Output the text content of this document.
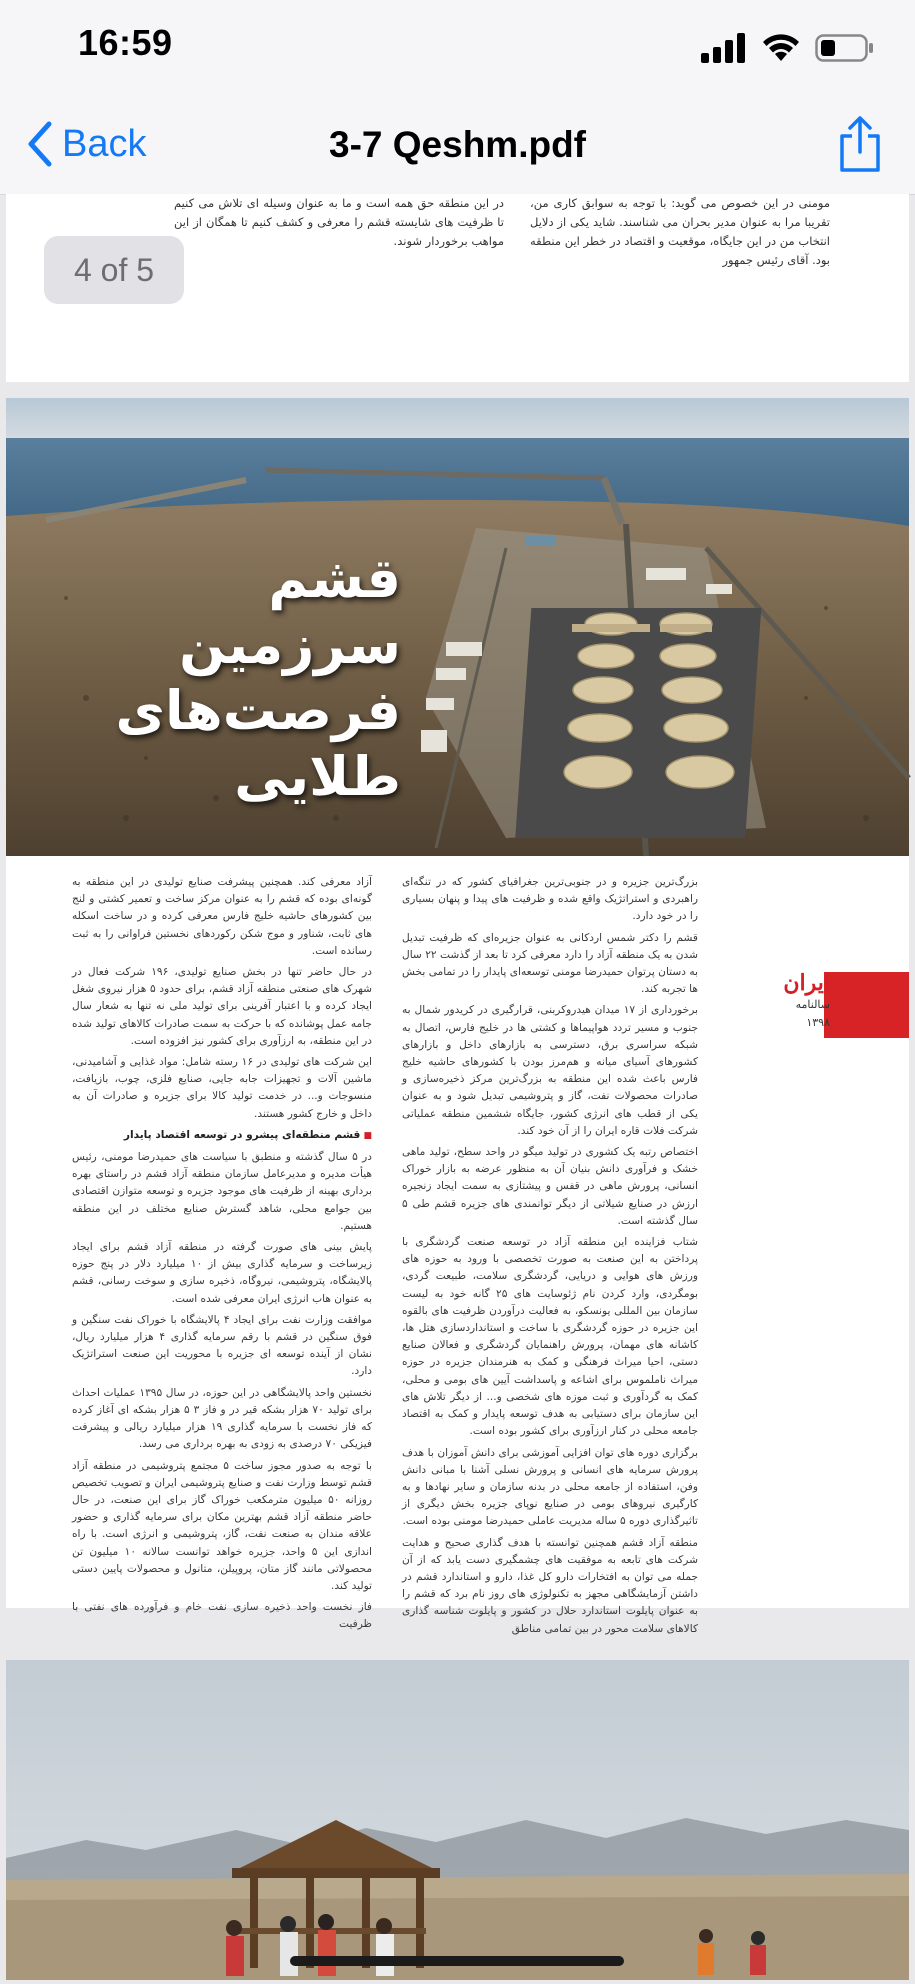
16:59
Back	3-7 Qeshm.pdf
مومنی در این خصوص می گوید: با توجه به سوابق کاری من، تقریبا مرا به عنوان مدیر بحران می شناسند. شاید یکی از دلایل انتخاب من در این جایگاه، موقعیت و اقتصاد در خطر این منطقه بود. آقای رئیس جمهور
در این منطقه حق همه است و ما به عنوان وسیله ای تلاش می کنیم تا ظرفیت های شایسته قشم را معرفی و کشف کنیم تا همگان از این مواهب برخوردار شوند.
4 of 5
قشم
سرزمین
فرصت‌های
طلایی
ایران
سالنامه
۱۳۹۸

بزرگ‌ترین جزیره و در جنوبی‌ترین جغرافیای کشور که در تنگه‌ای راهبردی و استراتژیک واقع شده و ظرفیت های پیدا و پنهان بسیاری را در خود دارد.

قشم را دکتر شمس اردکانی به عنوان جزیره‌ای که ظرفیت تبدیل شدن به یک منطقه آزاد را دارد معرفی کرد تا بعد از گذشت ۲۲ سال به دستان پرتوان حمیدرضا مومنی توسعه‌ای پایدار را در تمامی بخش ها تجربه کند.

برخورداری از ۱۷ میدان هیدروکربنی، قرارگیری در کریدور شمال به جنوب و مسیر تردد هواپیماها و کشتی ها در خلیج فارس، اتصال به شبکه سراسری برق، دسترسی به بازارهای داخل و بازارهای کشورهای آسیای میانه و هم‌مرز بودن با کشورهای حاشیه خلیج فارس باعث شده این منطقه به بزرگ‌ترین مرکز ذخیره‌سازی و صادرات محصولات نفت، گاز و پتروشیمی تبدیل شود و به عنوان یکی از قطب های انرژی کشور، جایگاه ششمین منطقه عملیاتی شرکت فلات قاره ایران را از آن خود کند.

اختصاص رتبه یک کشوری در تولید میگو در واحد سطح، تولید ماهی خشک و فرآوری دانش بنیان آن به منظور عرضه به بازار خوراک انسانی، پرورش ماهی در قفس و پیشتازی به سمت ایجاد زنجیره ارزش در صنایع شیلاتی از دیگر توانمندی های جزیره قشم طی ۵ سال گذشته است.

شتاب فزاینده این منطقه آزاد در توسعه صنعت گردشگری با پرداختن به این صنعت به صورت تخصصی با ورود به حوزه های ورزش های هوایی و دریایی، گردشگری سلامت، طبیعت گردی، بومگردی، وارد کردن نام ژئوسایت های ۲۵ گانه خود به لیست سازمان بین المللی یونسکو، به فعالیت درآوردن ظرفیت های بالقوه این جزیره در حوزه گردشگری با ساخت و استانداردسازی هتل ها، کاشانه های مهمان، پرورش راهنمایان گردشگری و فعالان صنایع دستی، احیا میراث فرهنگی و کمک به هنرمندان جزیره در حوزه میراث ناملموس برای اشاعه و پاسداشت آیین های بومی و محلی، کمک به گردآوری و ثبت موزه های شخصی و... از دیگر تلاش های این سازمان برای دستیابی به هدف توسعه پایدار و کمک به اقتصاد جامعه محلی در کنار ارزآوری برای کشور بوده است.

برگزاری دوره های توان افزایی آموزشی برای دانش آموزان با هدف پرورش سرمایه های انسانی و پرورش نسلی آشنا با مبانی دانش وفن، استفاده از جامعه محلی در بدنه سازمان و سایر نهادها و به کارگیری نیروهای بومی در صنایع نوپای جزیره بخش دیگری از تاثیرگذاری دوره ۵ ساله مدیریت عاملی حمیدرضا مومنی بوده است.

منطقه آزاد قشم همچنین توانسته با هدف گذاری صحیح و هدایت شرکت های تابعه به موفقیت های چشمگیری دست یابد که از آن جمله می توان به افتخارات دارو کل غذا، دارو و استاندارد قشم در داشتن آزمایشگاهی مجهز به تکنولوژی های روز نام برد که قشم را به عنوان پایلوت استاندارد حلال در کشور و پایلوت شناسه گذاری کالاهای سلامت محور در بین تمامی مناطق

آزاد معرفی کند. همچنین پیشرفت صنایع تولیدی در این منطقه به گونه‌ای بوده که قشم را به عنوان مرکز ساخت و تعمیر کشتی و لنج بین کشورهای حاشیه خلیج فارس معرفی کرده و در ساخت اسکله های ثابت، شناور و موج شکن رکوردهای نخستین فراوانی را به ثبت رسانده است.

در حال حاضر تنها در بخش صنایع تولیدی، ۱۹۶ شرکت فعال در شهرک های صنعتی منطقه آزاد قشم، برای حدود ۵ هزار نیروی شغل ایجاد کرده و با اعتبار آفرینی برای تولید ملی نه تنها به شعار سال جامه عمل پوشانده که با حرکت به سمت صادرات کالاهای تولید شده در این منطقه، به ارزآوری برای کشور نیز افزوده است.

این شرکت های تولیدی در ۱۶ رسته شامل: مواد غذایی و آشامیدنی، ماشین آلات و تجهیزات جابه جایی، صنایع فلزی، چوب، بازیافت، منسوجات و... در خدمت تولید کالا برای جزیره و صادرات آن به داخل و خارج کشور هستند.

■ قشم منطقه‌ای پیشرو در توسعه اقتصاد پایدار

در ۵ سال گذشته و منطبق با سیاست های حمیدرضا مومنی، رئیس هیأت مدیره و مدیرعامل سازمان منطقه آزاد قشم در راستای بهره برداری بهینه از ظرفیت های موجود جزیره و توسعه متوازن اقتصادی بین جوامع محلی، شاهد گسترش صنایع مختلف در این منطقه هستیم.

پایش بینی های صورت گرفته در منطقه آزاد قشم برای ایجاد زیرساخت و سرمایه گذاری بیش از ۱۰ میلیارد دلار در پنج حوزه پالایشگاه، پتروشیمی، نیروگاه، ذخیره سازی و سوخت رسانی، قشم به عنوان هاب انرژی ایران معرفی شده است.

موافقت وزارت نفت برای ایجاد ۴ پالایشگاه با خوراک نفت سنگین و فوق سنگین در قشم با رقم سرمایه گذاری ۴ هزار میلیارد ریال، نشان از آینده توسعه ای جزیره با محوریت این صنعت استراتژیک دارد.

نخستین واحد پالایشگاهی در این حوزه، در سال ۱۳۹۵ عملیات احداث برای تولید ۷۰ هزار بشکه قیر در و فاز ۳ ۵ هزار بشکه ای آغاز کرده که فاز نخست با سرمایه گذاری ۱۹ هزار میلیارد ریالی و پیشرفت فیزیکی ۷۰ درصدی به زودی به بهره برداری می رسد.

با توجه به صدور مجوز ساخت ۵ مجتمع پتروشیمی در منطقه آزاد قشم توسط وزارت نفت و صنایع پتروشیمی ایران و تصویب تخصیص روزانه ۵۰ میلیون مترمکعب خوراک گاز برای این صنعت، در حال حاضر منطقه آزاد قشم بهترین مکان برای سرمایه گذاری و حضور علاقه مندان به صنعت نفت، گاز، پتروشیمی و انرژی است. با راه اندازی این ۵ واحد، جزیره خواهد توانست سالانه ۱۰ میلیون تن محصولاتی مانند گاز متان، پروپیلن، متانول و محصولات پایین دستی تولید کند.

فاز نخست واحد ذخیره سازی نفت خام و فرآورده های نفتی با ظرفیت
